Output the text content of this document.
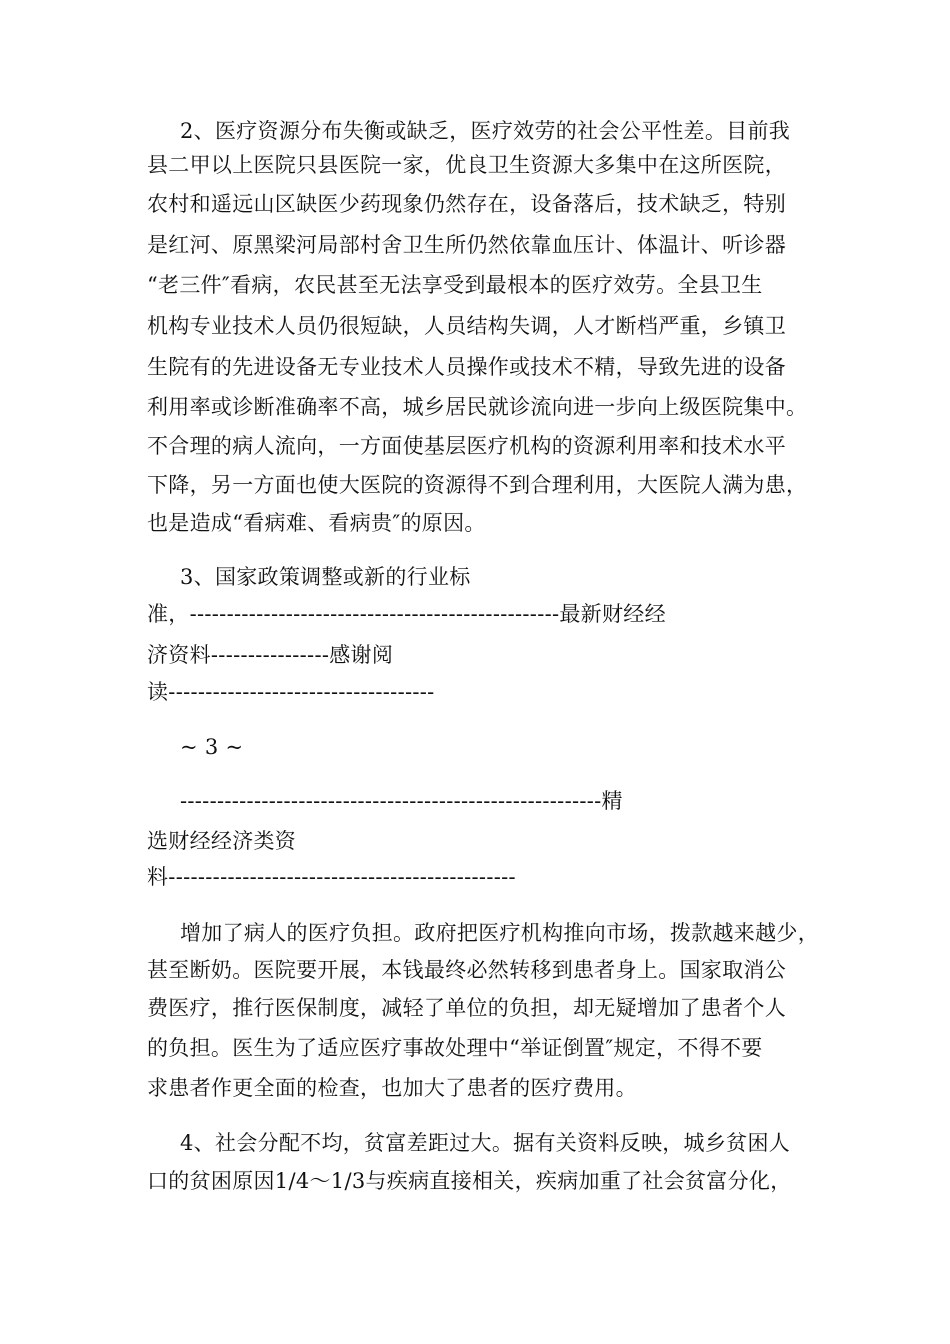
2、医疗资源分布失衡或缺乏，医疗效劳的社会公平性差。目前我
县二甲以上医院只县医院一家，优良卫生资源大多集中在这所医院，
农村和遥远山区缺医少药现象仍然存在，设备落后，技术缺乏，特别
是红河、原黑梁河局部村舍卫生所仍然依靠血压计、体温计、听诊器
“老三件″看病，农民甚至无法享受到最根本的医疗效劳。全县卫生
机构专业技术人员仍很短缺，人员结构失调，人才断档严重，乡镇卫
生院有的先进设备无专业技术人员操作或技术不精，导致先进的设备
利用率或诊断准确率不高，城乡居民就诊流向进一步向上级医院集中。
不合理的病人流向，一方面使基层医疗机构的资源利用率和技术水平
下降，另一方面也使大医院的资源得不到合理利用，大医院人满为患，
也是造成“看病难、看病贵″的原因。
3、国家政策调整或新的行业标
准，--------------------------------------------------最新财经经
济资料----------------感谢阅
读------------------------------------
~ 3 ~
---------------------------------------------------------精
选财经经济类资
料-----------------------------------------------
增加了病人的医疗负担。政府把医疗机构推向市场，拨款越来越少，
甚至断奶。医院要开展，本钱最终必然转移到患者身上。国家取消公
费医疗，推行医保制度，减轻了单位的负担，却无疑增加了患者个人
的负担。医生为了适应医疗事故处理中“举证倒置″规定，不得不要
求患者作更全面的检查，也加大了患者的医疗费用。
4、社会分配不均，贫富差距过大。据有关资料反映，城乡贫困人
口的贫困原因1/4～1/3与疾病直接相关，疾病加重了社会贫富分化，
